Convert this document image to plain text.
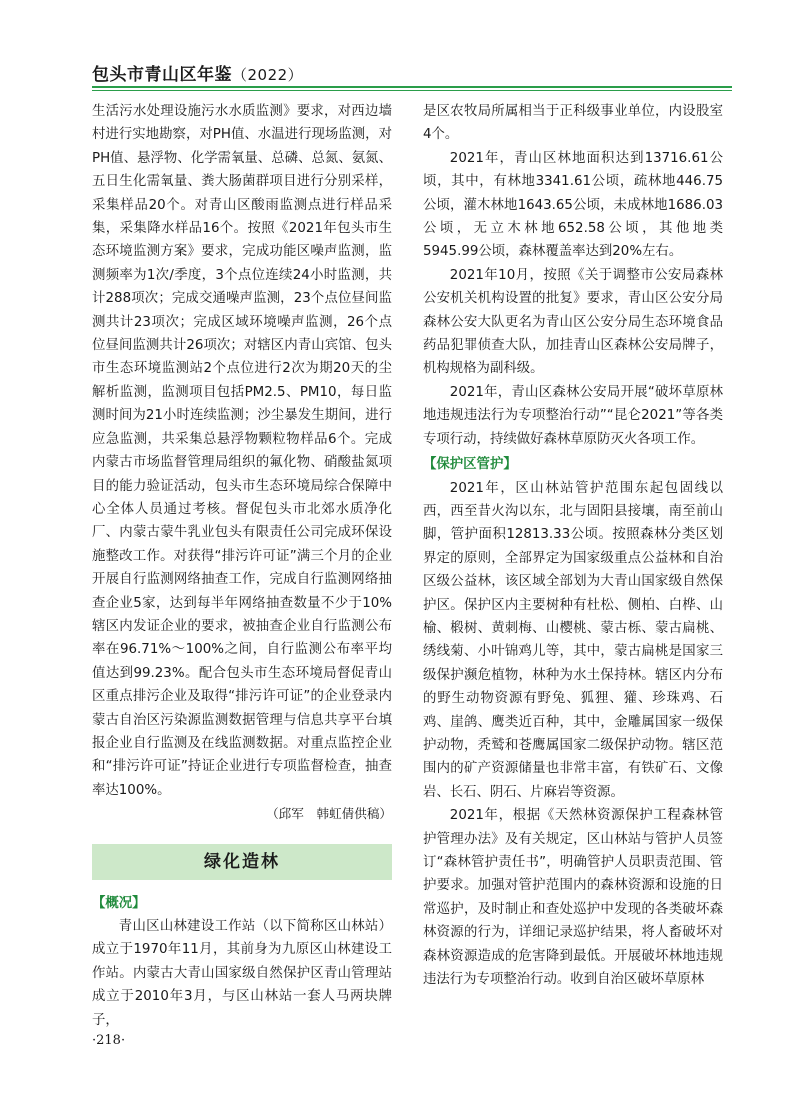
包头市青山区年鉴（2022）

生活污水处理设施污水水质监测》要求，对西边墙村进行实地勘察，对PH值、水温进行现场监测，对PH值、悬浮物、化学需氧量、总磷、总氮、氨氮、五日生化需氧量、粪大肠菌群项目进行分别采样，采集样品20个。对青山区酸雨监测点进行样品采集，采集降水样品16个。按照《2021年包头市生态环境监测方案》要求，完成功能区噪声监测，监测频率为1次/季度，3个点位连续24小时监测，共计288项次；完成交通噪声监测，23个点位昼间监测共计23项次；完成区域环境噪声监测，26个点位昼间监测共计26项次；对辖区内青山宾馆、包头市生态环境监测站2个点位进行2次为期20天的尘解析监测，监测项目包括PM2.5、PM10，每日监测时间为21小时连续监测；沙尘暴发生期间，进行应急监测，共采集总悬浮物颗粒物样品6个。完成内蒙古市场监督管理局组织的氟化物、硝酸盐氮项目的能力验证活动，包头市生态环境局综合保障中心全体人员通过考核。督促包头市北郊水质净化厂、内蒙古蒙牛乳业包头有限责任公司完成环保设施整改工作。对获得“排污许可证”满三个月的企业开展自行监测网络抽查工作，完成自行监测网络抽查企业5家，达到每半年网络抽查数量不少于10%辖区内发证企业的要求，被抽查企业自行监测公布率在96.71%～100%之间，自行监测公布率平均值达到99.23%。配合包头市生态环境局督促青山区重点排污企业及取得“排污许可证”的企业登录内蒙古自治区污染源监测数据管理与信息共享平台填报企业自行监测及在线监测数据。对重点监控企业和“排污许可证”持证企业进行专项监督检查，抽查率达100%。

（邱军　韩虹倩供稿）

绿化造林
【概况】

青山区山林建设工作站（以下简称区山林站）成立于1970年11月，其前身为九原区山林建设工作站。内蒙古大青山国家级自然保护区青山管理站成立于2010年3月，与区山林站一套人马两块牌子，

是区农牧局所属相当于正科级事业单位，内设股室4个。

2021年，青山区林地面积达到13716.61公顷，其中，有林地3341.61公顷，疏林地446.75公顷，灌木林地1643.65公顷，未成林地1686.03公顷，无立木林地652.58公顷，其他地类5945.99公顷，森林覆盖率达到20%左右。

2021年10月，按照《关于调整市公安局森林公安机关机构设置的批复》要求，青山区公安分局森林公安大队更名为青山区公安分局生态环境食品药品犯罪侦查大队，加挂青山区森林公安局牌子，机构规格为副科级。

2021年，青山区森林公安局开展“破坏草原林地违规违法行为专项整治行动”“昆仑2021”等各类专项行动，持续做好森林草原防灭火各项工作。

【保护区管护】

2021年，区山林站管护范围东起包固线以西，西至昔火沟以东，北与固阳县接壤，南至前山脚，管护面积12813.33公顷。按照森林分类区划界定的原则，全部界定为国家级重点公益林和自治区级公益林，该区域全部划为大青山国家级自然保护区。保护区内主要树种有杜松、侧柏、白桦、山榆、椴树、黄刺梅、山樱桃、蒙古栎、蒙古扁桃、绣线菊、小叶锦鸡儿等，其中，蒙古扁桃是国家三级保护濒危植物，林种为水土保持林。辖区内分布的野生动物资源有野兔、狐狸、獾、珍珠鸡、石鸡、崖鸽、鹰类近百种，其中，金雕属国家一级保护动物，秃鹫和苍鹰属国家二级保护动物。辖区范围内的矿产资源储量也非常丰富，有铁矿石、文像岩、长石、阴石、片麻岩等资源。

2021年，根据《天然林资源保护工程森林管护管理办法》及有关规定，区山林站与管护人员签订“森林管护责任书”，明确管护人员职责范围、管护要求。加强对管护范围内的森林资源和设施的日常巡护，及时制止和查处巡护中发现的各类破坏森林资源的行为，详细记录巡护结果，将人畜破坏对森林资源造成的危害降到最低。开展破坏林地违规违法行为专项整治行动。收到自治区破坏草原林

·218·
